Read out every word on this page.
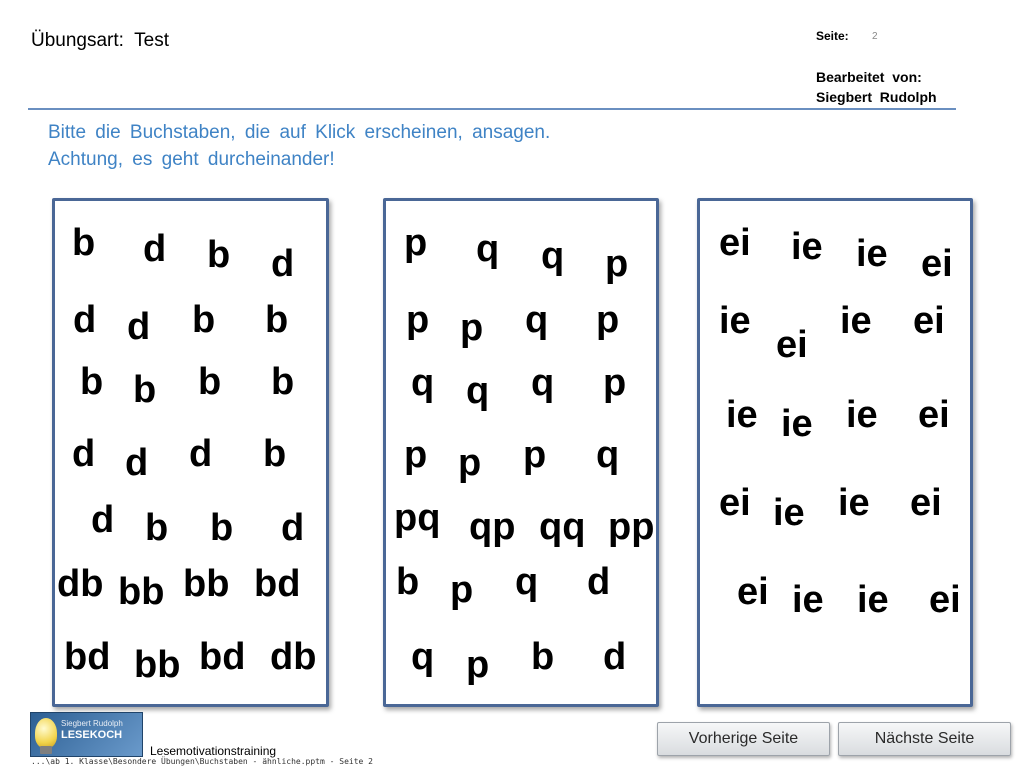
Übungsart: Test	Seite: 2
Bearbeitet  von:
Siegbert  Rudolph
Bitte die Buchstaben, die auf Klick erscheinen, ansagen.
Achtung, es geht durcheinander!
b d b d
d d b b
b b b b
d d d b
d b b d
db bb bb bd
bd bb bd db
p q q p
p p q p
q q q p
p p p q
pq qp qq pp
b p q d
q p b d
ei ie ie ei
ie
ei
ie ei
ie ie ie ei
ei ie ie ei
ei ie ie ei
Siegbert Rudolph
LESEKOCH
Lesemotivationstraining
...\ab 1. Klasse\Besondere Übungen\Buchstaben - ähnliche.pptm - Seite 2
Vorherige Seite	Nächste Seite
